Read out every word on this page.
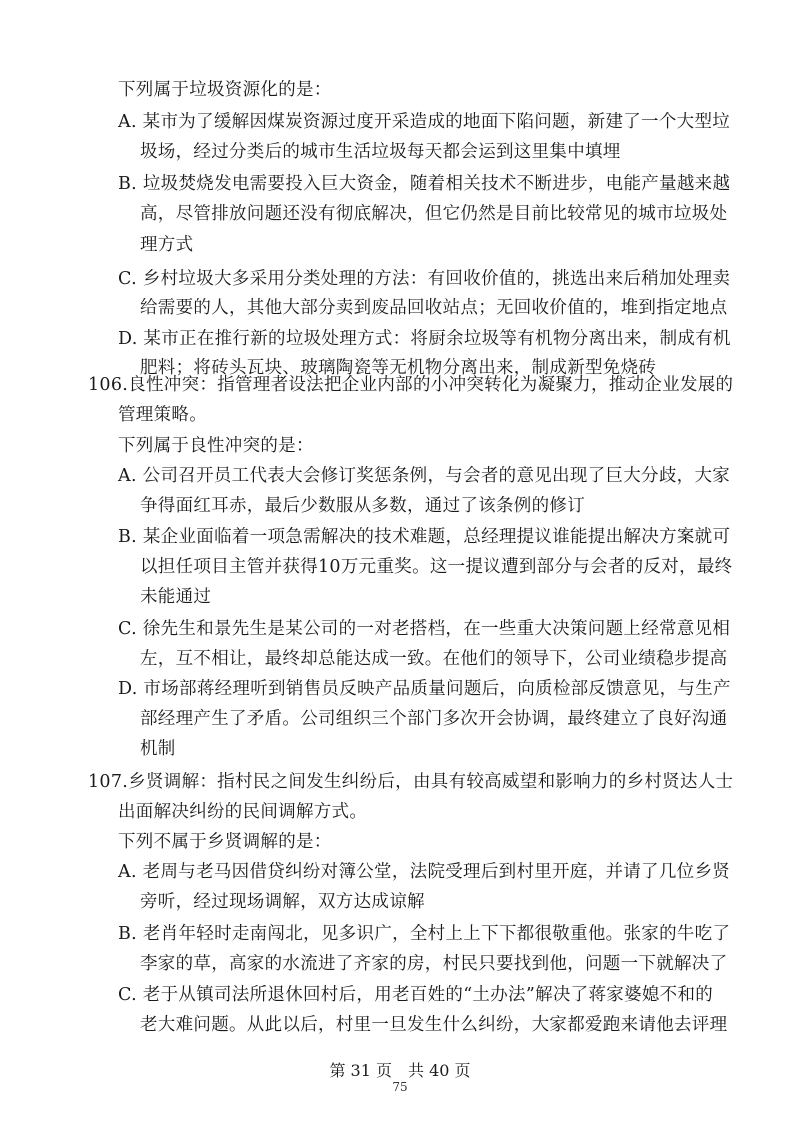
下列属于垃圾资源化的是：
A. 某市为了缓解因煤炭资源过度开采造成的地面下陷问题，新建了一个大型垃
圾场，经过分类后的城市生活垃圾每天都会运到这里集中填埋
B. 垃圾焚烧发电需要投入巨大资金，随着相关技术不断进步，电能产量越来越
高，尽管排放问题还没有彻底解决，但它仍然是目前比较常见的城市垃圾处
理方式
C. 乡村垃圾大多采用分类处理的方法：有回收价值的，挑选出来后稍加处理卖
给需要的人，其他大部分卖到废品回收站点；无回收价值的，堆到指定地点
D. 某市正在推行新的垃圾处理方式：将厨余垃圾等有机物分离出来，制成有机
肥料；将砖头瓦块、玻璃陶瓷等无机物分离出来，制成新型免烧砖
106.良性冲突：指管理者设法把企业内部的小冲突转化为凝聚力，推动企业发展的
管理策略。
下列属于良性冲突的是：
A. 公司召开员工代表大会修订奖惩条例，与会者的意见出现了巨大分歧，大家
争得面红耳赤，最后少数服从多数，通过了该条例的修订
B. 某企业面临着一项急需解决的技术难题，总经理提议谁能提出解决方案就可
以担任项目主管并获得10万元重奖。这一提议遭到部分与会者的反对，最终
未能通过
C. 徐先生和景先生是某公司的一对老搭档，在一些重大决策问题上经常意见相
左，互不相让，最终却总能达成一致。在他们的领导下，公司业绩稳步提高
D. 市场部蒋经理听到销售员反映产品质量问题后，向质检部反馈意见，与生产
部经理产生了矛盾。公司组织三个部门多次开会协调，最终建立了良好沟通
机制
107.乡贤调解：指村民之间发生纠纷后，由具有较高威望和影响力的乡村贤达人士
出面解决纠纷的民间调解方式。
下列不属于乡贤调解的是：
A. 老周与老马因借贷纠纷对簿公堂，法院受理后到村里开庭，并请了几位乡贤
旁听，经过现场调解，双方达成谅解
B. 老肖年轻时走南闯北，见多识广，全村上上下下都很敬重他。张家的牛吃了
李家的草，高家的水流进了齐家的房，村民只要找到他，问题一下就解决了
C. 老于从镇司法所退休回村后，用老百姓的“土办法”解决了蒋家婆媳不和的
老大难问题。从此以后，村里一旦发生什么纠纷，大家都爱跑来请他去评理
第 31 页　共 40 页
75
